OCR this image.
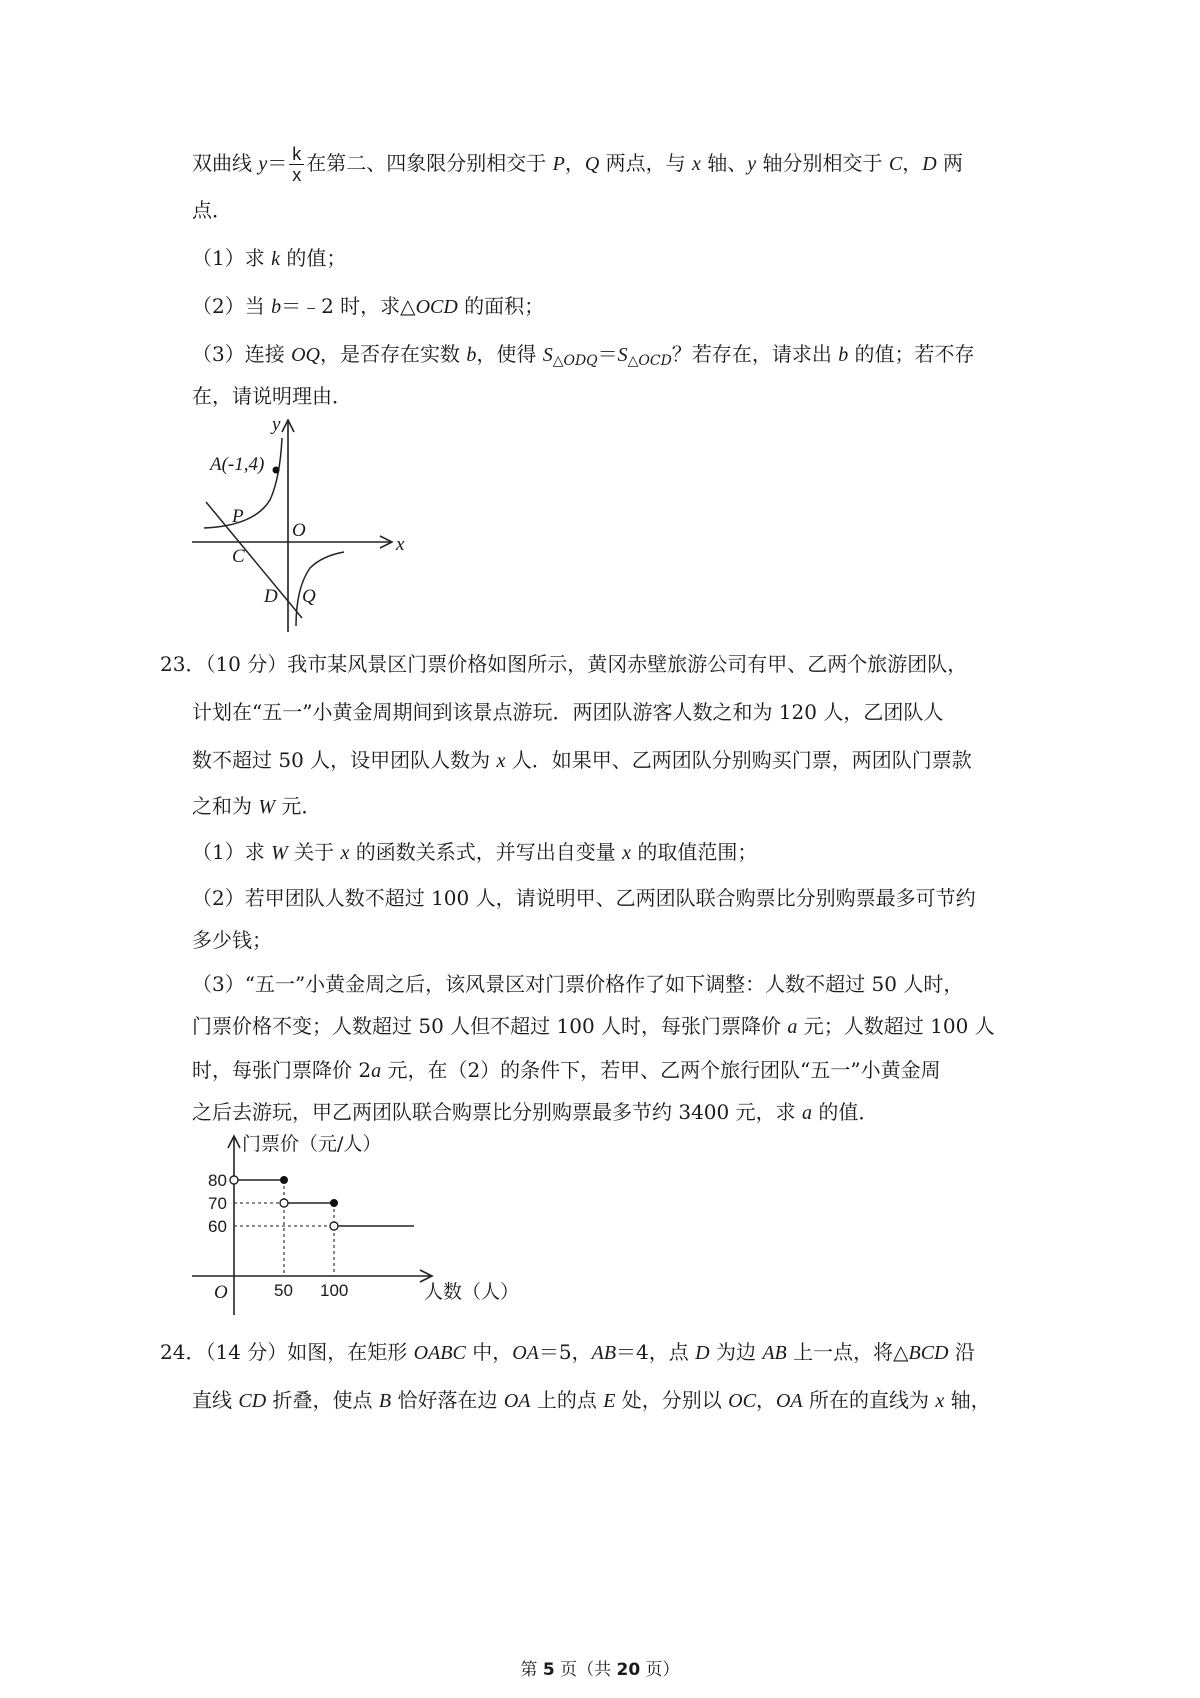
双曲线 $y= \frac{k}{x}$ 在第二、四象限分别相交于 P，Q 两点，与 x 轴、y 轴分别相交于 C，D 两
点．
（1）求 k 的值；
（2）当 b＝﹣2 时，求△OCD 的面积；
（3）连接 OQ，是否存在实数 b，使得 $S_{\triangle ODQ}=S_{\triangle OCD}$？若存在，请求出 b 的值；若不存
在，请说明理由．
y
x
A(-1,4)
P
O
C
D Q
23．（10 分）我市某风景区门票价格如图所示，黄冈赤壁旅游公司有甲、乙两个旅游团队，
计划在“五一”小黄金周期间到该景点游玩．两团队游客人数之和为 120 人，乙团队人
数不超过 50 人，设甲团队人数为 x 人．如果甲、乙两团队分别购买门票，两团队门票款
之和为 W 元．
（1）求 W 关于 x 的函数关系式，并写出自变量 x 的取值范围；
（2）若甲团队人数不超过 100 人，请说明甲、乙两团队联合购票比分别购票最多可节约
多少钱；
（3）“五一”小黄金周之后，该风景区对门票价格作了如下调整：人数不超过 50 人时，
门票价格不变；人数超过 50 人但不超过 100 人时，每张门票降价 a 元；人数超过 100 人
时，每张门票降价 2a 元，在（2）的条件下，若甲、乙两个旅行团队“五一”小黄金周
之后去游玩，甲乙两团队联合购票比分别购票最多节约 3400 元，求 a 的值．
门票价（元/人）
人数（人）
O
80
70
60
50 100
24．（14 分）如图，在矩形 OABC 中，OA＝5，AB＝4，点 D 为边 AB 上一点，将△BCD 沿
直线 CD 折叠，使点 B 恰好落在边 OA 上的点 E 处，分别以 OC，OA 所在的直线为 x 轴，
第 5 页（共 20 页）
